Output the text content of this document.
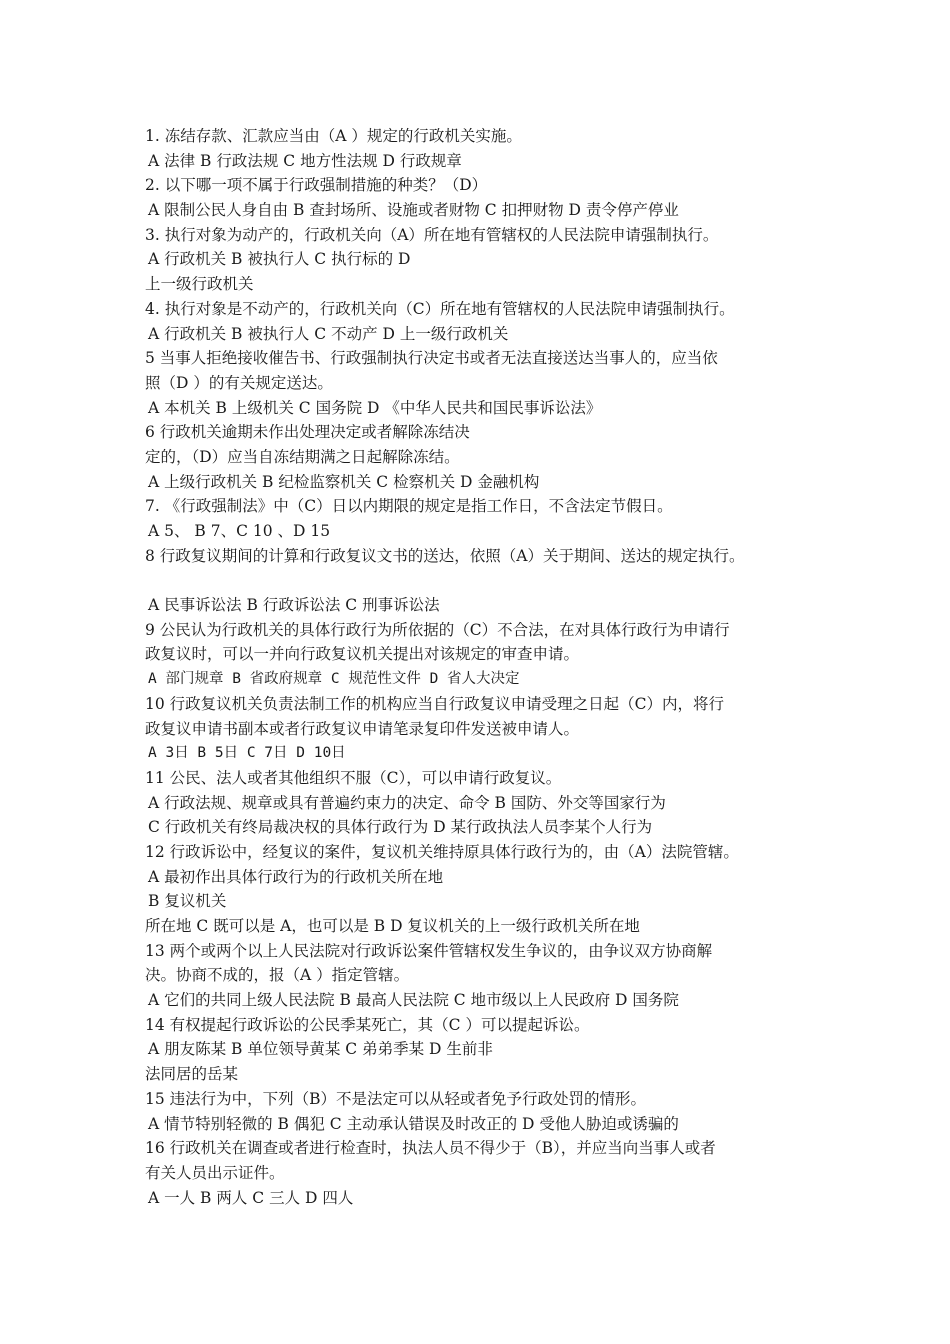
1. 冻结存款、汇款应当由（A ）规定的行政机关实施。
A 法律 B 行政法规 C 地方性法规 D 行政规章
2. 以下哪一项不属于行政强制措施的种类？（D）
A 限制公民人身自由 B 查封场所、设施或者财物 C 扣押财物 D 责令停产停业
3. 执行对象为动产的，行政机关向（A）所在地有管辖权的人民法院申请强制执行。
A 行政机关 B 被执行人 C 执行标的 D
上一级行政机关
4. 执行对象是不动产的，行政机关向（C）所在地有管辖权的人民法院申请强制执行。
A 行政机关 B 被执行人 C 不动产 D 上一级行政机关
5 当事人拒绝接收催告书、行政强制执行决定书或者无法直接送达当事人的，应当依
照（D ）的有关规定送达。
A 本机关 B 上级机关 C 国务院 D 《中华人民共和国民事诉讼法》
6 行政机关逾期未作出处理决定或者解除冻结决
定的，（D）应当自冻结期满之日起解除冻结。
A 上级行政机关 B 纪检监察机关 C 检察机关 D 金融机构
7. 《行政强制法》中（C）日以内期限的规定是指工作日，不含法定节假日。
A 5、 B 7、C 10 、D 15
8 行政复议期间的计算和行政复议文书的送达，依照（A）关于期间、送达的规定执行。
A 民事诉讼法 B 行政诉讼法 C 刑事诉讼法
9 公民认为行政机关的具体行政行为所依据的（C）不合法，在对具体行政行为申请行
政复议时，可以一并向行政复议机关提出对该规定的审查申请。
A 部门规章 B 省政府规章 C 规范性文件 D 省人大决定
10 行政复议机关负责法制工作的机构应当自行政复议申请受理之日起（C）内，将行
政复议申请书副本或者行政复议申请笔录复印件发送被申请人。
A 3日 B 5日 C 7日 D 10日
11 公民、法人或者其他组织不服（C），可以申请行政复议。
A 行政法规、规章或具有普遍约束力的决定、命令 B 国防、外交等国家行为
C 行政机关有终局裁决权的具体行政行为 D 某行政执法人员李某个人行为
12 行政诉讼中，经复议的案件，复议机关维持原具体行政行为的，由（A）法院管辖。
A 最初作出具体行政行为的行政机关所在地
B 复议机关
所在地 C 既可以是 A，也可以是 B D 复议机关的上一级行政机关所在地
13 两个或两个以上人民法院对行政诉讼案件管辖权发生争议的，由争议双方协商解
决。协商不成的，报（A ）指定管辖。
A 它们的共同上级人民法院 B 最高人民法院 C 地市级以上人民政府 D 国务院
14 有权提起行政诉讼的公民季某死亡，其（C ）可以提起诉讼。
A 朋友陈某 B 单位领导黄某 C 弟弟季某 D 生前非
法同居的岳某
15 违法行为中，下列（B）不是法定可以从轻或者免予行政处罚的情形。
A 情节特别轻微的 B 偶犯 C 主动承认错误及时改正的 D 受他人胁迫或诱骗的
16 行政机关在调查或者进行检查时，执法人员不得少于（B），并应当向当事人或者
有关人员出示证件。
A 一人 B 两人 C 三人 D 四人
